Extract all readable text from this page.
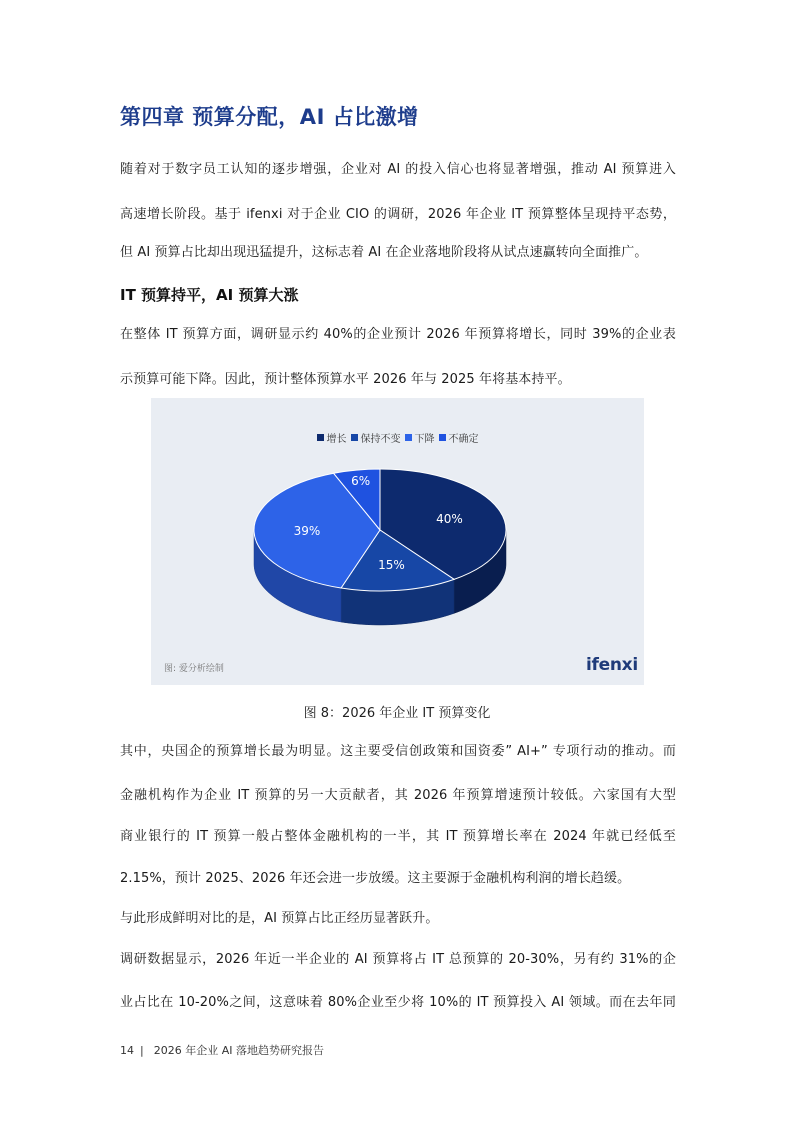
第四章 预算分配，AI 占比激增
随着对于数字员工认知的逐步增强，企业对 AI 的投入信心也将显著增强，推动 AI 预算进入
高速增长阶段。基于 ifenxi 对于企业 CIO 的调研，2026 年企业 IT 预算整体呈现持平态势，
但 AI 预算占比却出现迅猛提升，这标志着 AI 在企业落地阶段将从试点速赢转向全面推广。
IT 预算持平，AI 预算大涨
在整体 IT 预算方面，调研显示约 40%的企业预计 2026 年预算将增长，同时 39%的企业表
示预算可能下降。因此，预计整体预算水平 2026 年与 2025 年将基本持平。
40%
15%
39%
6%
增长 保持不变 下降 不确定
图: 爱分析绘制	ifenxi
图 8：2026 年企业 IT 预算变化
其中，央国企的预算增长最为明显。这主要受信创政策和国资委” AI+” 专项行动的推动。而
金融机构作为企业 IT 预算的另一大贡献者，其 2026 年预算增速预计较低。六家国有大型
商业银行的 IT 预算一般占整体金融机构的一半，其 IT 预算增长率在 2024 年就已经低至
2.15%，预计 2025、2026 年还会进一步放缓。这主要源于金融机构利润的增长趋缓。
与此形成鲜明对比的是，AI 预算占比正经历显著跃升。
调研数据显示，2026 年近一半企业的 AI 预算将占 IT 总预算的 20-30%，另有约 31%的企
业占比在 10-20%之间，这意味着 80%企业至少将 10%的 IT 预算投入 AI 领域。而在去年同
14 | 2026 年企业 AI 落地趋势研究报告
